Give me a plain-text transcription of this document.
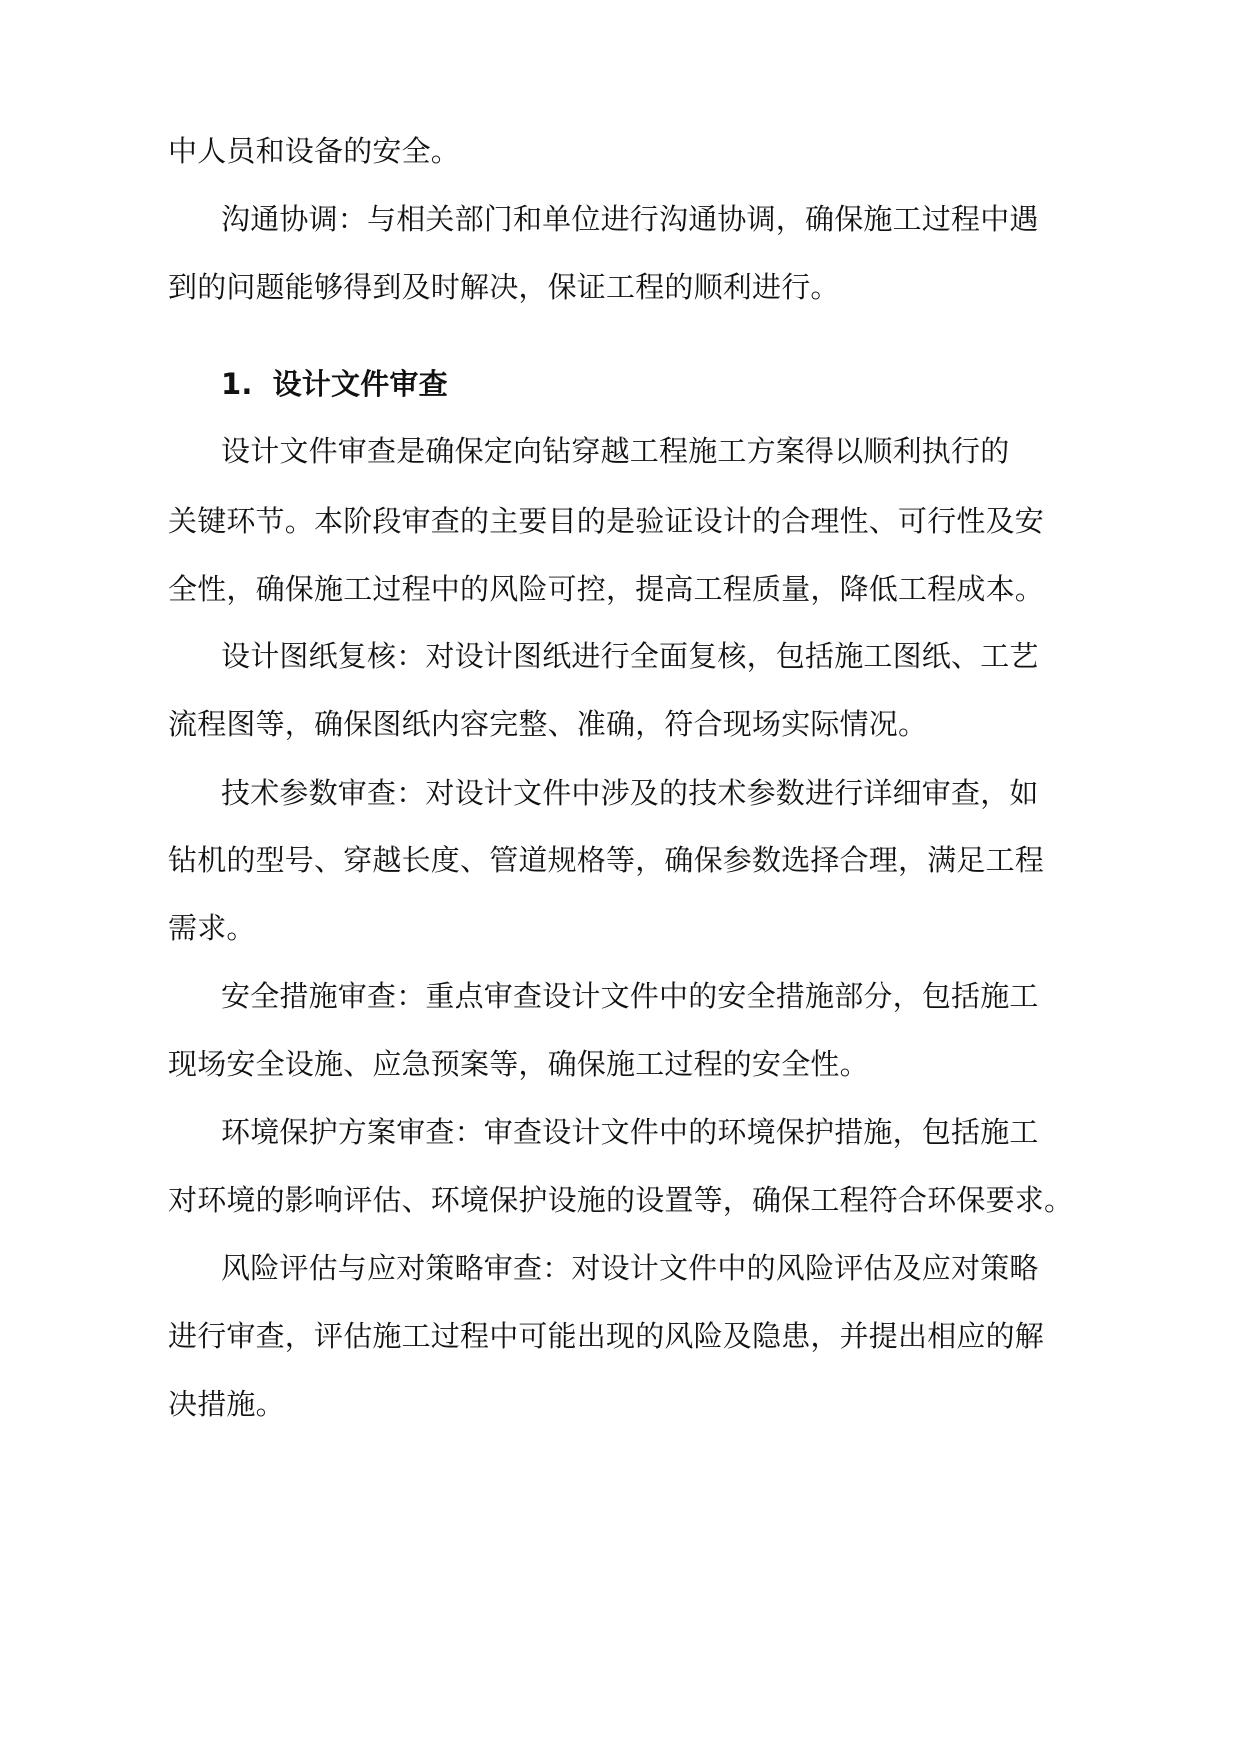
中人员和设备的安全。
沟通协调：与相关部门和单位进行沟通协调，确保施工过程中遇
到的问题能够得到及时解决，保证工程的顺利进行。
1. 设计文件审查
设计文件审查是确保定向钻穿越工程施工方案得以顺利执行的
关键环节。本阶段审查的主要目的是验证设计的合理性、可行性及安
全性，确保施工过程中的风险可控，提高工程质量，降低工程成本。
设计图纸复核：对设计图纸进行全面复核，包括施工图纸、工艺
流程图等，确保图纸内容完整、准确，符合现场实际情况。
技术参数审查：对设计文件中涉及的技术参数进行详细审查，如
钻机的型号、穿越长度、管道规格等，确保参数选择合理，满足工程
需求。
安全措施审查：重点审查设计文件中的安全措施部分，包括施工
现场安全设施、应急预案等，确保施工过程的安全性。
环境保护方案审查：审查设计文件中的环境保护措施，包括施工
对环境的影响评估、环境保护设施的设置等，确保工程符合环保要求。
风险评估与应对策略审查：对设计文件中的风险评估及应对策略
进行审查，评估施工过程中可能出现的风险及隐患，并提出相应的解
决措施。
